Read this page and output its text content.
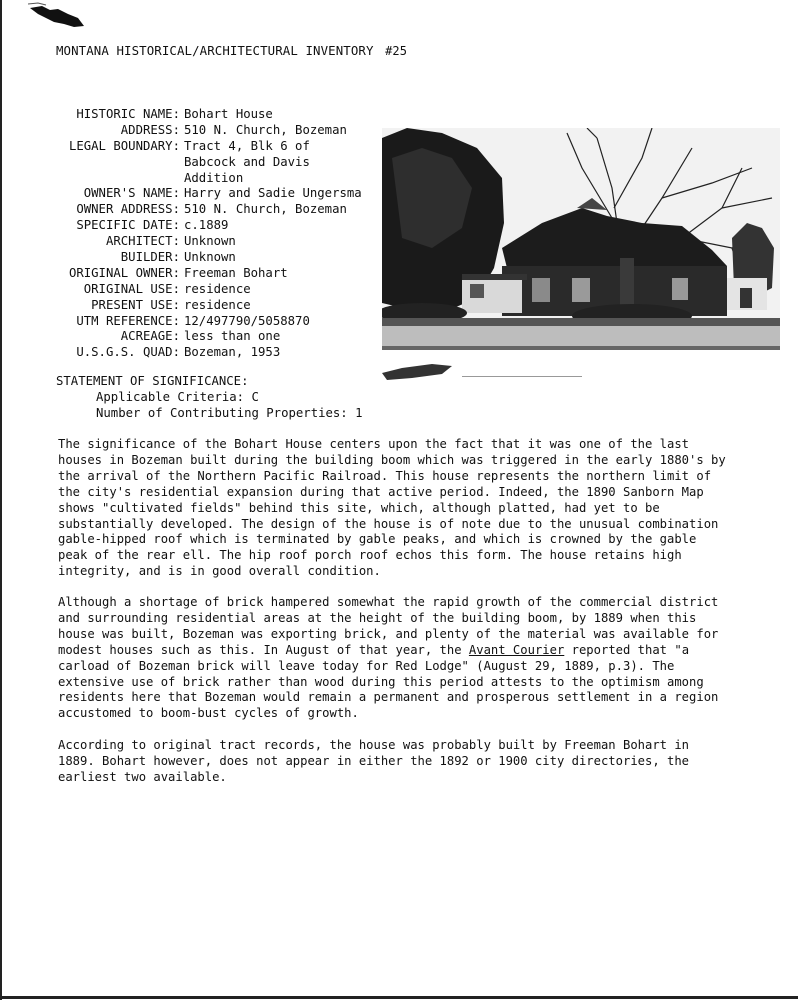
MONTANA HISTORICAL/ARCHITECTURAL INVENTORY #25
HISTORIC NAME: Bohart House
ADDRESS: 510 N. Church, Bozeman
LEGAL BOUNDARY: Tract 4, Blk 6 of
Babcock and Davis
Addition
OWNER'S NAME: Harry and Sadie Ungersma
OWNER ADDRESS: 510 N. Church, Bozeman
SPECIFIC DATE: c.1889
ARCHITECT: Unknown
BUILDER: Unknown
ORIGINAL OWNER: Freeman Bohart
ORIGINAL USE: residence
PRESENT USE: residence
UTM REFERENCE: 12/497790/5058870
ACREAGE: less than one
U.S.G.S. QUAD: Bozeman, 1953
STATEMENT OF SIGNIFICANCE:
Applicable Criteria: C
Number of Contributing Properties: 1
The significance of the Bohart House centers upon the fact that it was one of the last
houses in Bozeman built during the building boom which was triggered in the early 1880's by
the arrival of the Northern Pacific Railroad. This house represents the northern limit of
the city's residential expansion during that active period. Indeed, the 1890 Sanborn Map
shows "cultivated fields" behind this site, which, although platted, had yet to be
substantially developed. The design of the house is of note due to the unusual combination
gable-hipped roof which is terminated by gable peaks, and which is crowned by the gable
peak of the rear ell. The hip roof porch roof echos this form. The house retains high
integrity, and is in good overall condition.
Although a shortage of brick hampered somewhat the rapid growth of the commercial district
and surrounding residential areas at the height of the building boom, by 1889 when this
house was built, Bozeman was exporting brick, and plenty of the material was available for
modest houses such as this. In August of that year, the Avant Courier reported that "a
carload of Bozeman brick will leave today for Red Lodge" (August 29, 1889, p.3). The
extensive use of brick rather than wood during this period attests to the optimism among
residents here that Bozeman would remain a permanent and prosperous settlement in a region
accustomed to boom-bust cycles of growth.
According to original tract records, the house was probably built by Freeman Bohart in
1889. Bohart however, does not appear in either the 1892 or 1900 city directories, the
earliest two available.
